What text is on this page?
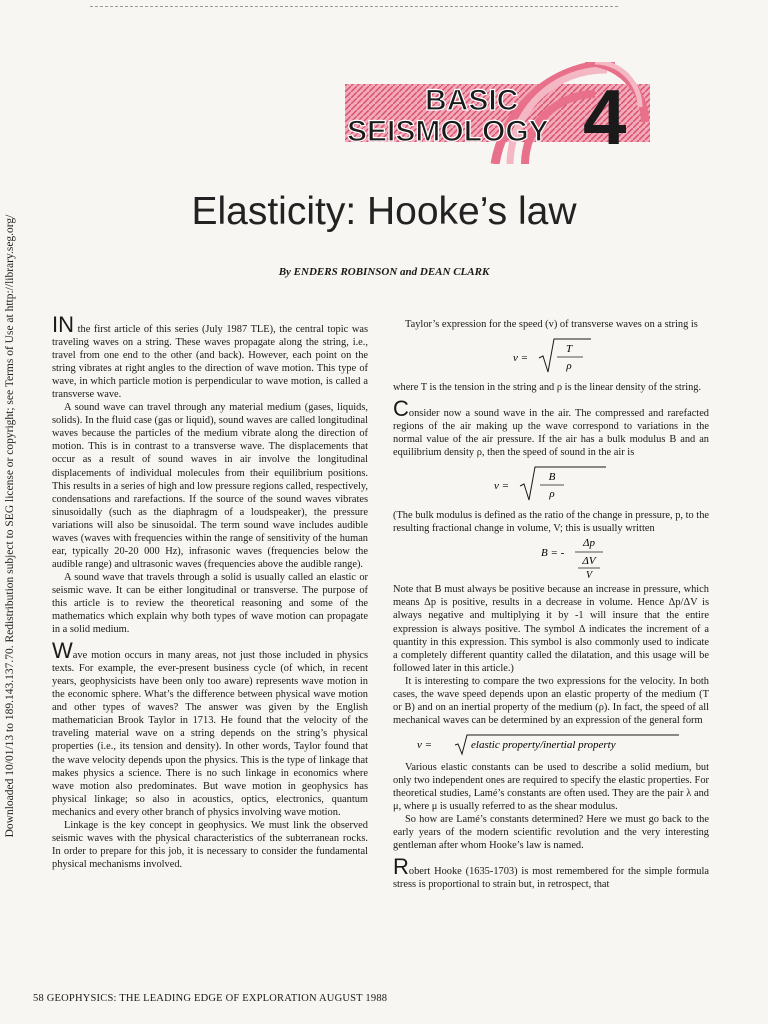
Downloaded 10/01/13 to 189.143.137.70. Redistribution subject to SEG license or copyright; see Terms of Use at http://library.seg.org/
BASIC
SEISMOLOGY 4
Elasticity: Hooke’s law
By ENDERS ROBINSON and DEAN CLARK

IN the first article of this series (July 1987 TLE), the central topic was traveling waves on a string. These waves propagate along the string, i.e., travel from one end to the other (and back). However, each point on the string vibrates at right angles to the direction of wave motion. This type of wave, in which particle motion is perpendicular to wave motion, is called a transverse wave.

A sound wave can travel through any material medium (gases, liquids, solids). In the fluid case (gas or liquid), sound waves are called longitudinal waves because the particles of the medium vibrate along the direction of motion. This is in contrast to a transverse wave. The displacements that occur as a result of sound waves in air involve the longitudinal displacements of individual molecules from their equilibrium positions. This results in a series of high and low pressure regions called, respectively, condensations and rarefactions. If the source of the sound waves vibrates sinusoidally (such as the diaphragm of a loudspeaker), the pressure variations will also be sinusoidal. The term sound wave includes audible waves (waves with frequencies within the range of sensitivity of the human ear, typically 20-20 000 Hz), infrasonic waves (frequencies below the audible range) and ultrasonic waves (frequencies above the audible range).

A sound wave that travels through a solid is usually called an elastic or seismic wave. It can be either longitudinal or transverse. The purpose of this article is to review the theoretical reasoning and some of the mathematics which explain why both types of wave motion can propagate in a solid medium.

Wave motion occurs in many areas, not just those included in physics texts. For example, the ever-present business cycle (of which, in recent years, geophysicists have been only too aware) represents wave motion in the economic sphere. What’s the difference between physical wave motion and other types of waves? The answer was given by the English mathematician Brook Taylor in 1713. He found that the velocity of the traveling material wave on a string depends on the string’s physical properties (i.e., its tension and density). In other words, Taylor found that the wave velocity depends upon the physics. This is the type of linkage that makes physics a science. There is no such linkage in economics where wave motion also predominates. But wave motion in geophysics has physical linkage; so also in acoustics, optics, electronics, quantum mechanics and every other branch of physics involving wave motion.

Linkage is the key concept in geophysics. We must link the observed seismic waves with the physical characteristics of the subterranean rocks. In order to prepare for this job, it is necessary to consider the fundamental physical mechanisms involved.

Taylor’s expression for the speed (v) of transverse waves on a string is

v =
T
ρ

where T is the tension in the string and ρ is the linear density of the string.

Consider now a sound wave in the air. The compressed and rarefacted regions of the air making up the wave correspond to variations in the normal value of the air pressure. If the air has a bulk modulus B and an equilibrium density ρ, then the speed of sound in the air is

v =
B
ρ

(The bulk modulus is defined as the ratio of the change in pressure, p, to the resulting fractional change in volume, V; this is usually written

B = -
Δp
ΔV
V

Note that B must always be positive because an increase in pressure, which means Δp is positive, results in a decrease in volume. Hence Δp/ΔV is always negative and multiplying it by -1 will insure that the entire expression is always positive. The symbol Δ indicates the increment of a quantity in this expression. This symbol is also commonly used to indicate a completely different quantity called the dilatation, and this usage will be followed later in this article.)

It is interesting to compare the two expressions for the velocity. In both cases, the wave speed depends upon an elastic property of the medium (T or B) and on an inertial property of the medium (ρ). In fact, the speed of all mechanical waves can be determined by an expression of the general form

v =	elastic property/inertial property

Various elastic constants can be used to describe a solid medium, but only two independent ones are required to specify the elastic properties. For theoretical studies, Lamé’s constants are often used. They are the pair λ and μ, where μ is usually referred to as the shear modulus.

So how are Lamé’s constants determined? Here we must go back to the early years of the modern scientific revolution and the very interesting gentleman after whom Hooke’s law is named.

Robert Hooke (1635-1703) is most remembered for the simple formula stress is proportional to strain but, in retrospect, that

58 GEOPHYSICS: THE LEADING EDGE OF EXPLORATION AUGUST 1988
